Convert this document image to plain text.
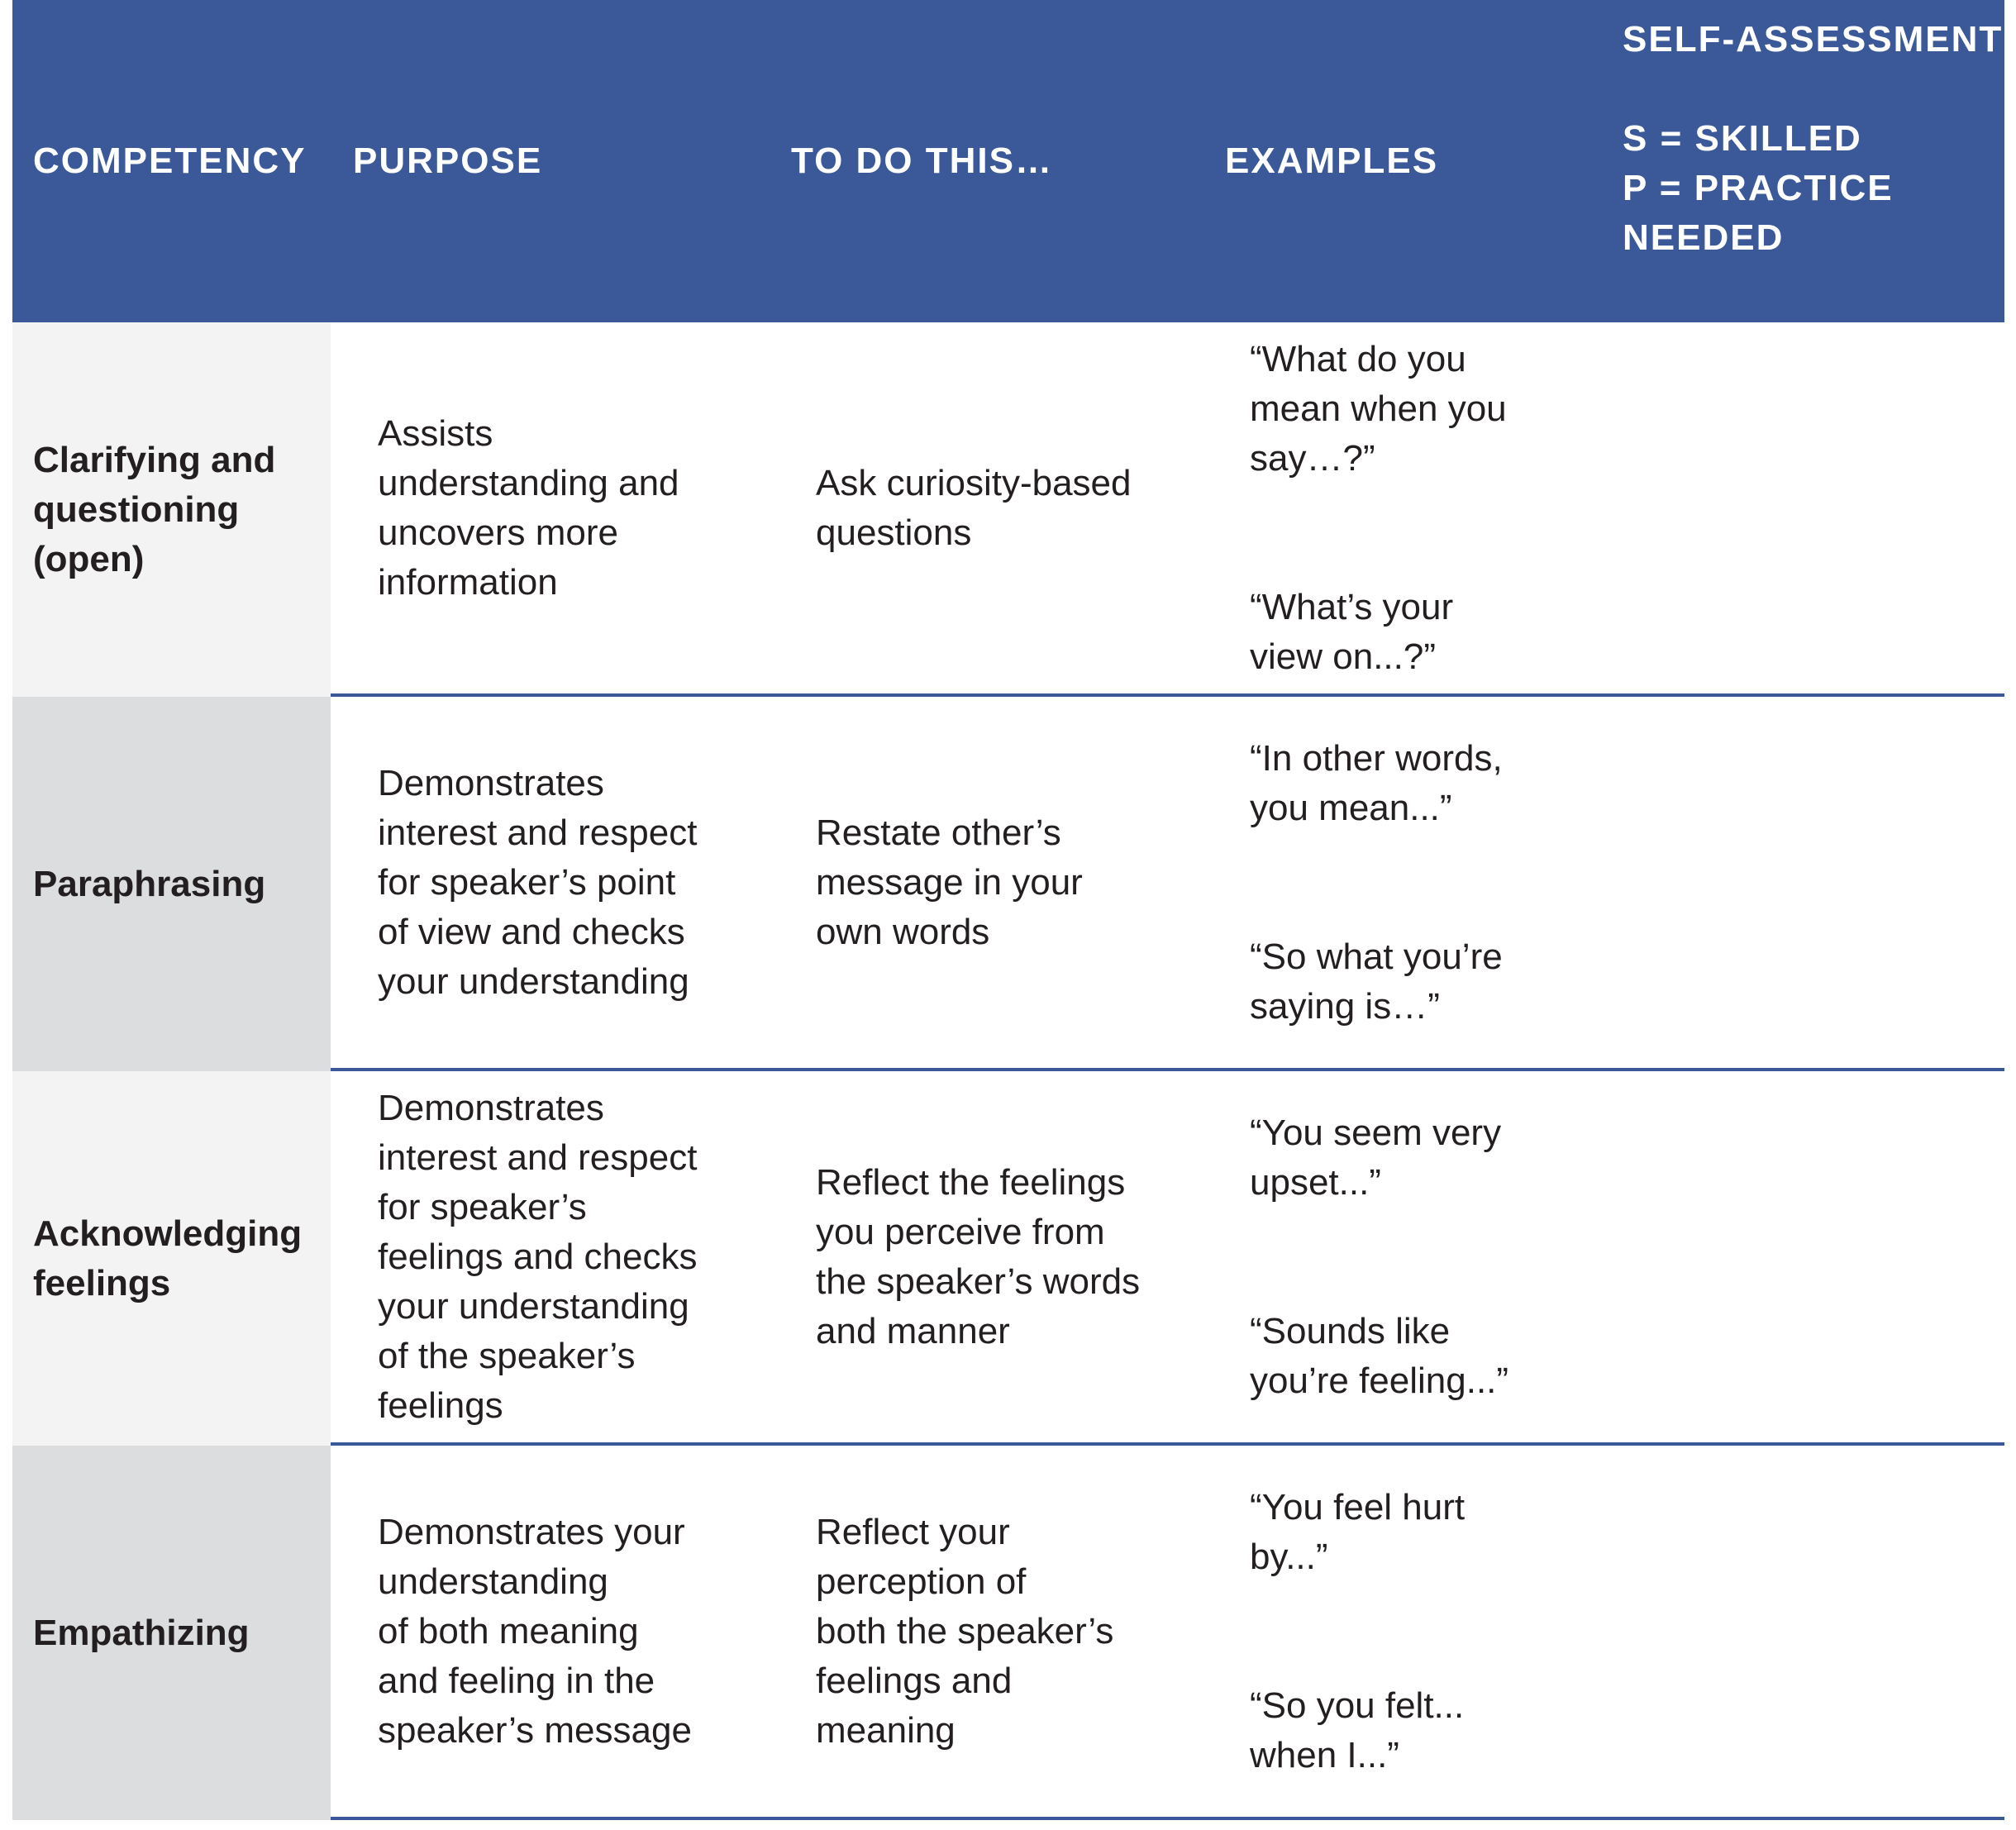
COMPETENCY PURPOSE	TO DO THIS…	EXAMPLES
SELF-ASSESSMENT
S = SKILLED
P = PRACTICE
NEEDED
Clarifying and
questioning
(open)
Assists
understanding and
uncovers more
information
Ask curiosity-based
questions

“What do you
mean when you
say…?”

“What’s your
view on...?”

Paraphrasing
Demonstrates
interest and respect
for speaker’s point
of view and checks
your understanding
Restate other’s
message in your
own words

“In other words,
you mean...”

“So what you’re
saying is…”

Acknowledging
feelings
Demonstrates
interest and respect
for speaker’s
feelings and checks
your understanding
of the speaker’s
feelings
Reflect the feelings
you perceive from
the speaker’s words
and manner

“You seem very
upset...”

“Sounds like
you’re feeling...”

Empathizing
Demonstrates your
understanding
of both meaning
and feeling in the
speaker’s message
Reflect your
perception of
both the speaker’s
feelings and
meaning

“You feel hurt
by...”

“So you felt...
when I...”
